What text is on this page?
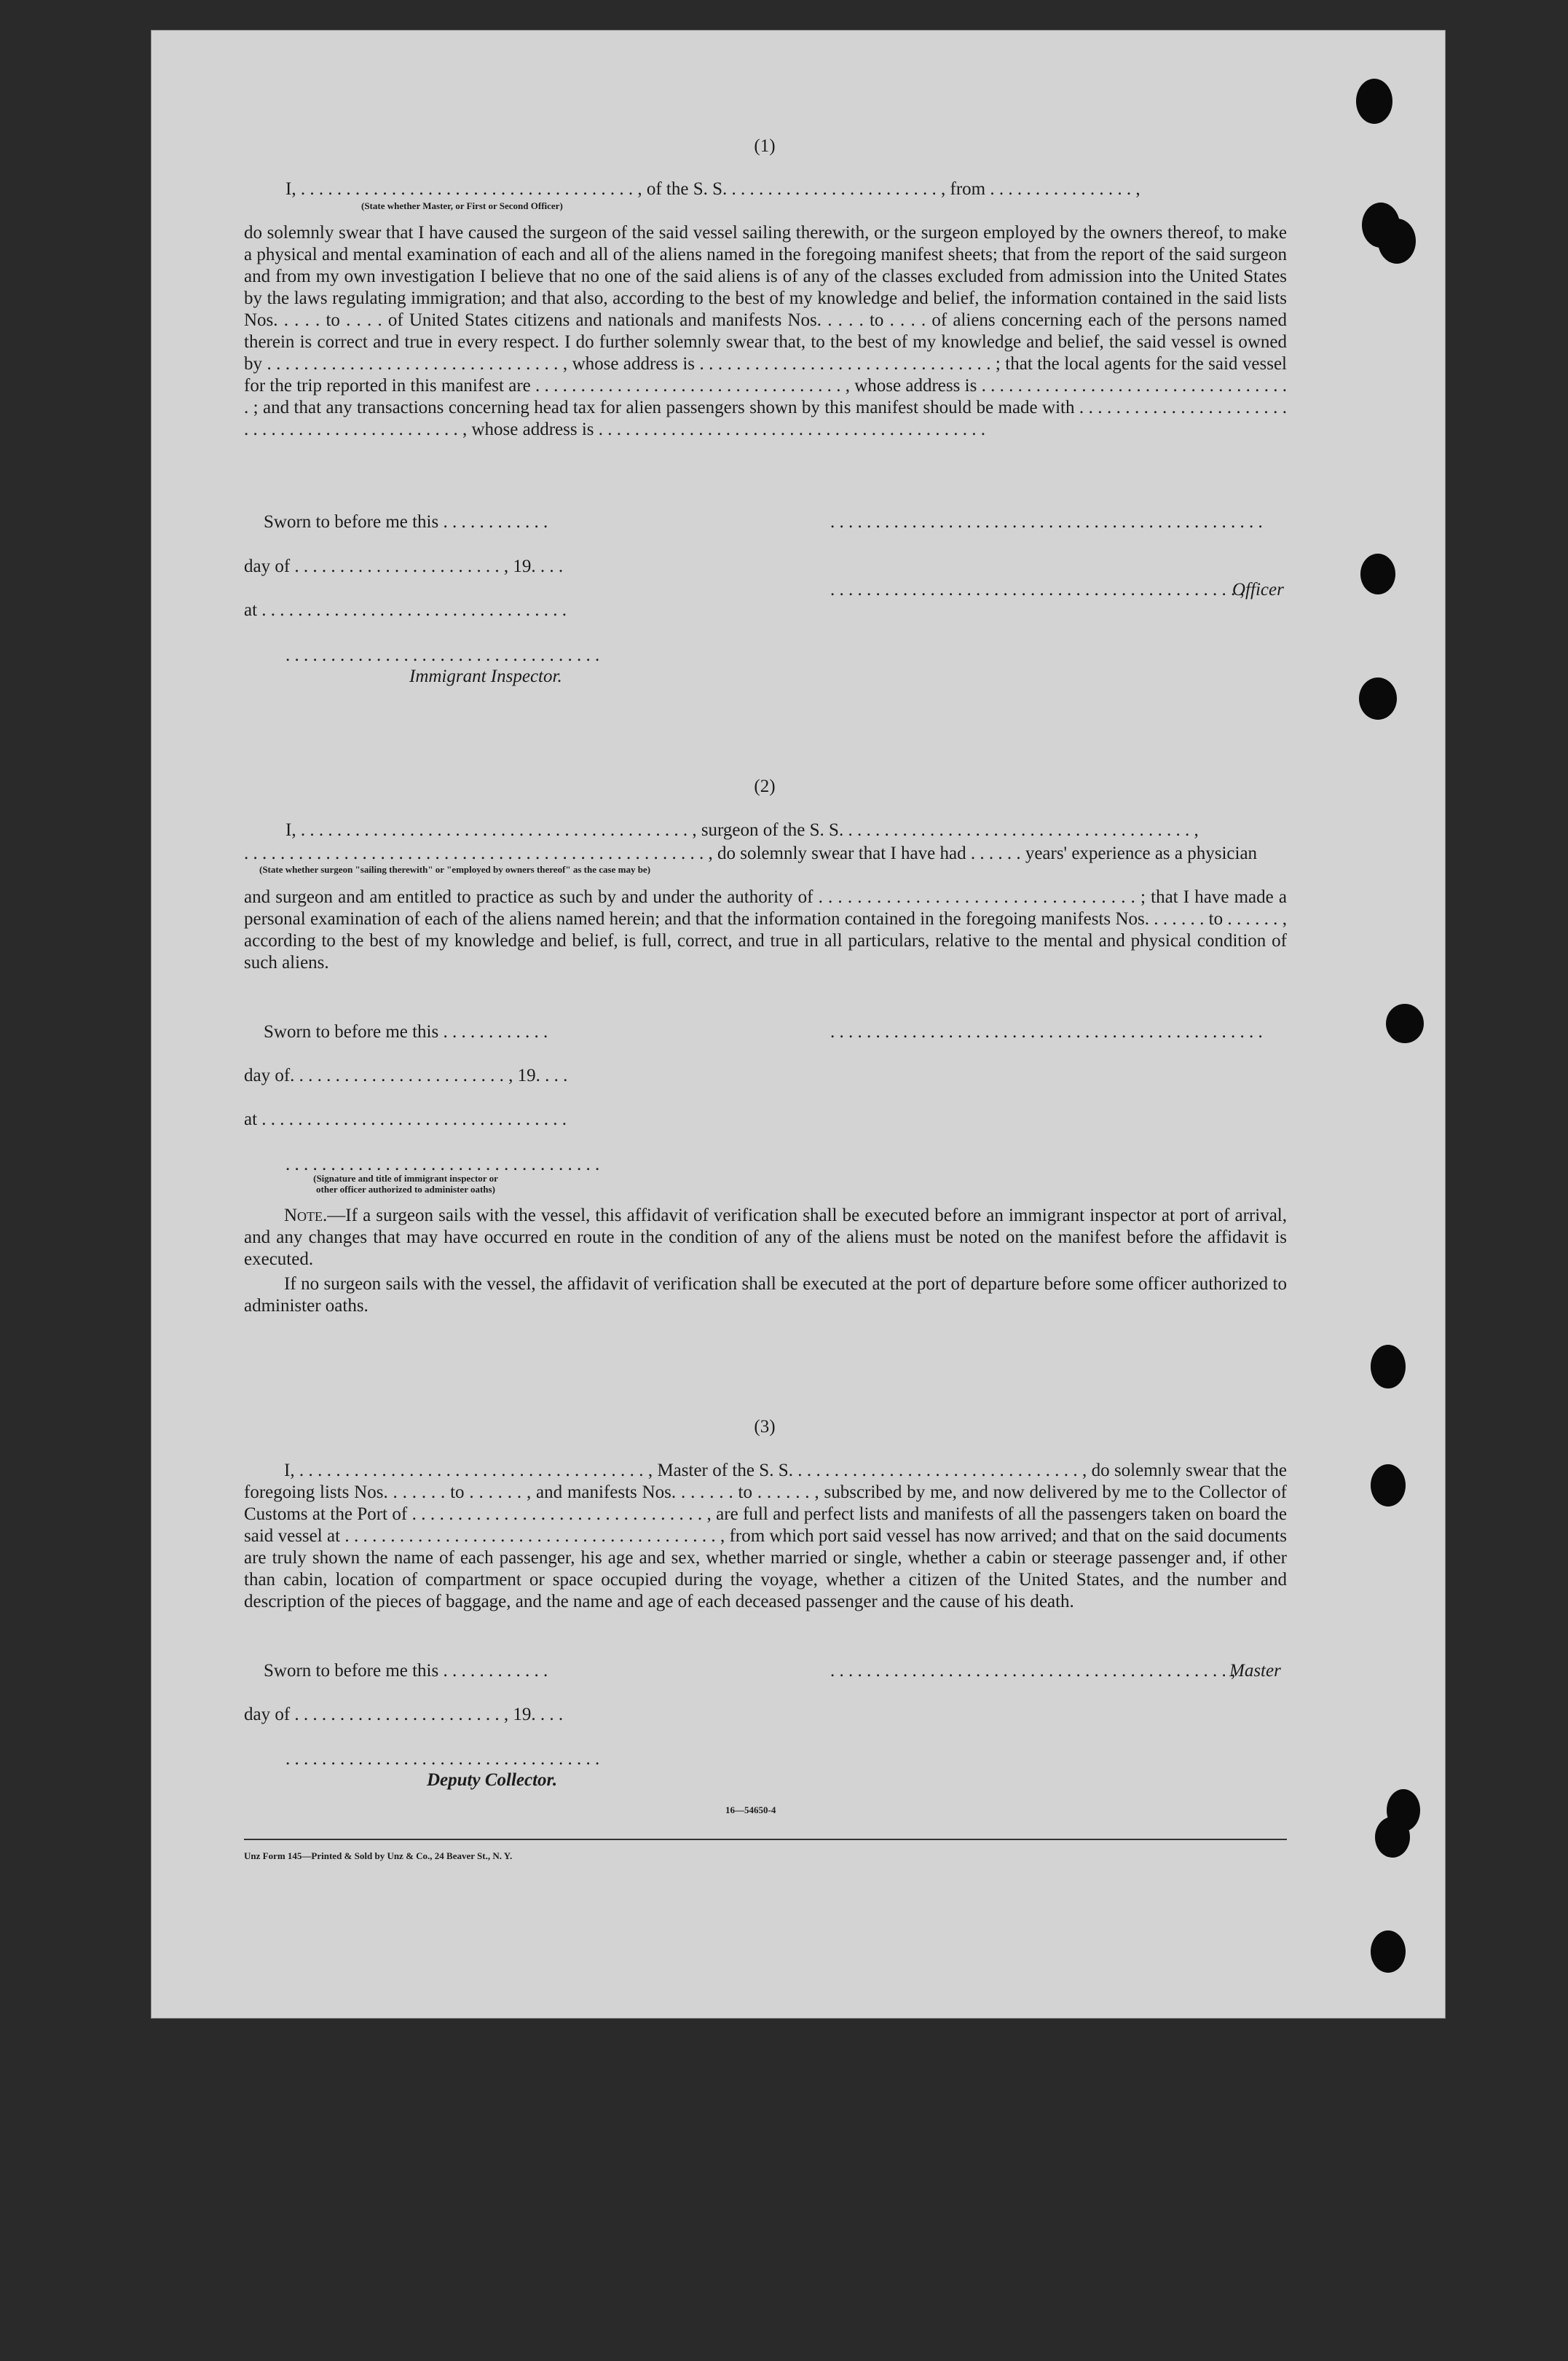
(1)
I, . . . . . . . . . . . . . . . . . . . . . . . . . . . . . . . . . . . . . , of the S. S. . . . . . . . . . . . . . . . . . . . . . . . , from . . . . . . . . . . . . . . . . ,
(State whether Master, or First or Second Officer)
do solemnly swear that I have caused the surgeon of the said vessel sailing therewith, or the surgeon employed by the owners thereof, to make a physical and mental examination of each and all of the aliens named in the foregoing manifest sheets; that from the report of the said surgeon and from my own investigation I believe that no one of the said aliens is of any of the classes excluded from admission into the United States by the laws regulating immigration; and that also, according to the best of my knowledge and belief, the information contained in the said lists Nos. . . . . to . . . . of United States citizens and nationals and manifests Nos. . . . . to . . . . of aliens concerning each of the persons named therein is correct and true in every respect. I do further solemnly swear that, to the best of my knowledge and belief, the said vessel is owned by . . . . . . . . . . . . . . . . . . . . . . . . . . . . . . . . , whose address is . . . . . . . . . . . . . . . . . . . . . . . . . . . . . . . . ; that the local agents for the said vessel for the trip reported in this manifest are . . . . . . . . . . . . . . . . . . . . . . . . . . . . . . . . . . , whose address is . . . . . . . . . . . . . . . . . . . . . . . . . . . . . . . . . . . ; and that any transactions concerning head tax for alien passengers shown by this manifest should be made with . . . . . . . . . . . . . . . . . . . . . . . . . . . . . . . . . . . . . . . . . . . . . . . , whose address is . . . . . . . . . . . . . . . . . . . . . . . . . . . . . . . . . . . . . . . . . . .
Sworn to before me this . . . . . . . . . . . .	. . . . . . . . . . . . . . . . . . . . . . . . . . . . . . . . . . . . . . . . . . . . . . . .
day of . . . . . . . . . . . . . . . . . . . . . . . , 19. . . .
. . . . . . . . . . . . . . . . . . . . . . . . . . . . . . . . . . . . . . . . . . . . . ,
Officer
at . . . . . . . . . . . . . . . . . . . . . . . . . . . . . . . . . .
. . . . . . . . . . . . . . . . . . . . . . . . . . . . . . . . . . .
Immigrant Inspector.
(2)
I, . . . . . . . . . . . . . . . . . . . . . . . . . . . . . . . . . . . . . . . . . . . , surgeon of the S. S. . . . . . . . . . . . . . . . . . . . . . . . . . . . . . . . . . . . . . . ,
. . . . . . . . . . . . . . . . . . . . . . . . . . . . . . . . . . . . . . . . . . . . . . . . . . . , do solemnly swear that I have had . . . . . . years' experience as a physician
(State whether surgeon "sailing therewith" or "employed by owners thereof" as the case may be)
and surgeon and am entitled to practice as such by and under the authority of . . . . . . . . . . . . . . . . . . . . . . . . . . . . . . . . . ; that I have made a personal examination of each of the aliens named herein; and that the information contained in the foregoing manifests Nos. . . . . . . to . . . . . . , according to the best of my knowledge and belief, is full, correct, and true in all particulars, relative to the mental and physical condition of such aliens.
Sworn to before me this . . . . . . . . . . . .	. . . . . . . . . . . . . . . . . . . . . . . . . . . . . . . . . . . . . . . . . . . . . . . .
day of. . . . . . . . . . . . . . . . . . . . . . . . , 19. . . .
at . . . . . . . . . . . . . . . . . . . . . . . . . . . . . . . . . .
. . . . . . . . . . . . . . . . . . . . . . . . . . . . . . . . . . .
(Signature and title of immigrant inspector or
other officer authorized to administer oaths)
Note.—If a surgeon sails with the vessel, this affidavit of verification shall be executed before an immigrant inspector at port of arrival, and any changes that may have occurred en route in the condition of any of the aliens must be noted on the manifest before the affidavit is executed.
If no surgeon sails with the vessel, the affidavit of verification shall be executed at the port of departure before some officer authorized to administer oaths.
(3)
I, . . . . . . . . . . . . . . . . . . . . . . . . . . . . . . . . . . . . . . , Master of the S. S. . . . . . . . . . . . . . . . . . . . . . . . . . . . . . . . , do solemnly swear that the foregoing lists Nos. . . . . . . to . . . . . . , and manifests Nos. . . . . . . to . . . . . . , subscribed by me, and now delivered by me to the Collector of Customs at the Port of . . . . . . . . . . . . . . . . . . . . . . . . . . . . . . . . , are full and perfect lists and manifests of all the passengers taken on board the said vessel at . . . . . . . . . . . . . . . . . . . . . . . . . . . . . . . . . . . . . . . . . , from which port said vessel has now arrived; and that on the said documents are truly shown the name of each passenger, his age and sex, whether married or single, whether a cabin or steerage passenger and, if other than cabin, location of compartment or space occupied during the voyage, whether a citizen of the United States, and the number and description of the pieces of baggage, and the name and age of each deceased passenger and the cause of his death.
Sworn to before me this . . . . . . . . . . . .	. . . . . . . . . . . . . . . . . . . . . . . . . . . . . . . . . . . . . . . . . . . . ,
Master
day of . . . . . . . . . . . . . . . . . . . . . . . , 19. . . .
. . . . . . . . . . . . . . . . . . . . . . . . . . . . . . . . . . .
Deputy Collector.
16—54650-4
Unz Form 145—Printed & Sold by Unz & Co., 24 Beaver St., N. Y.
